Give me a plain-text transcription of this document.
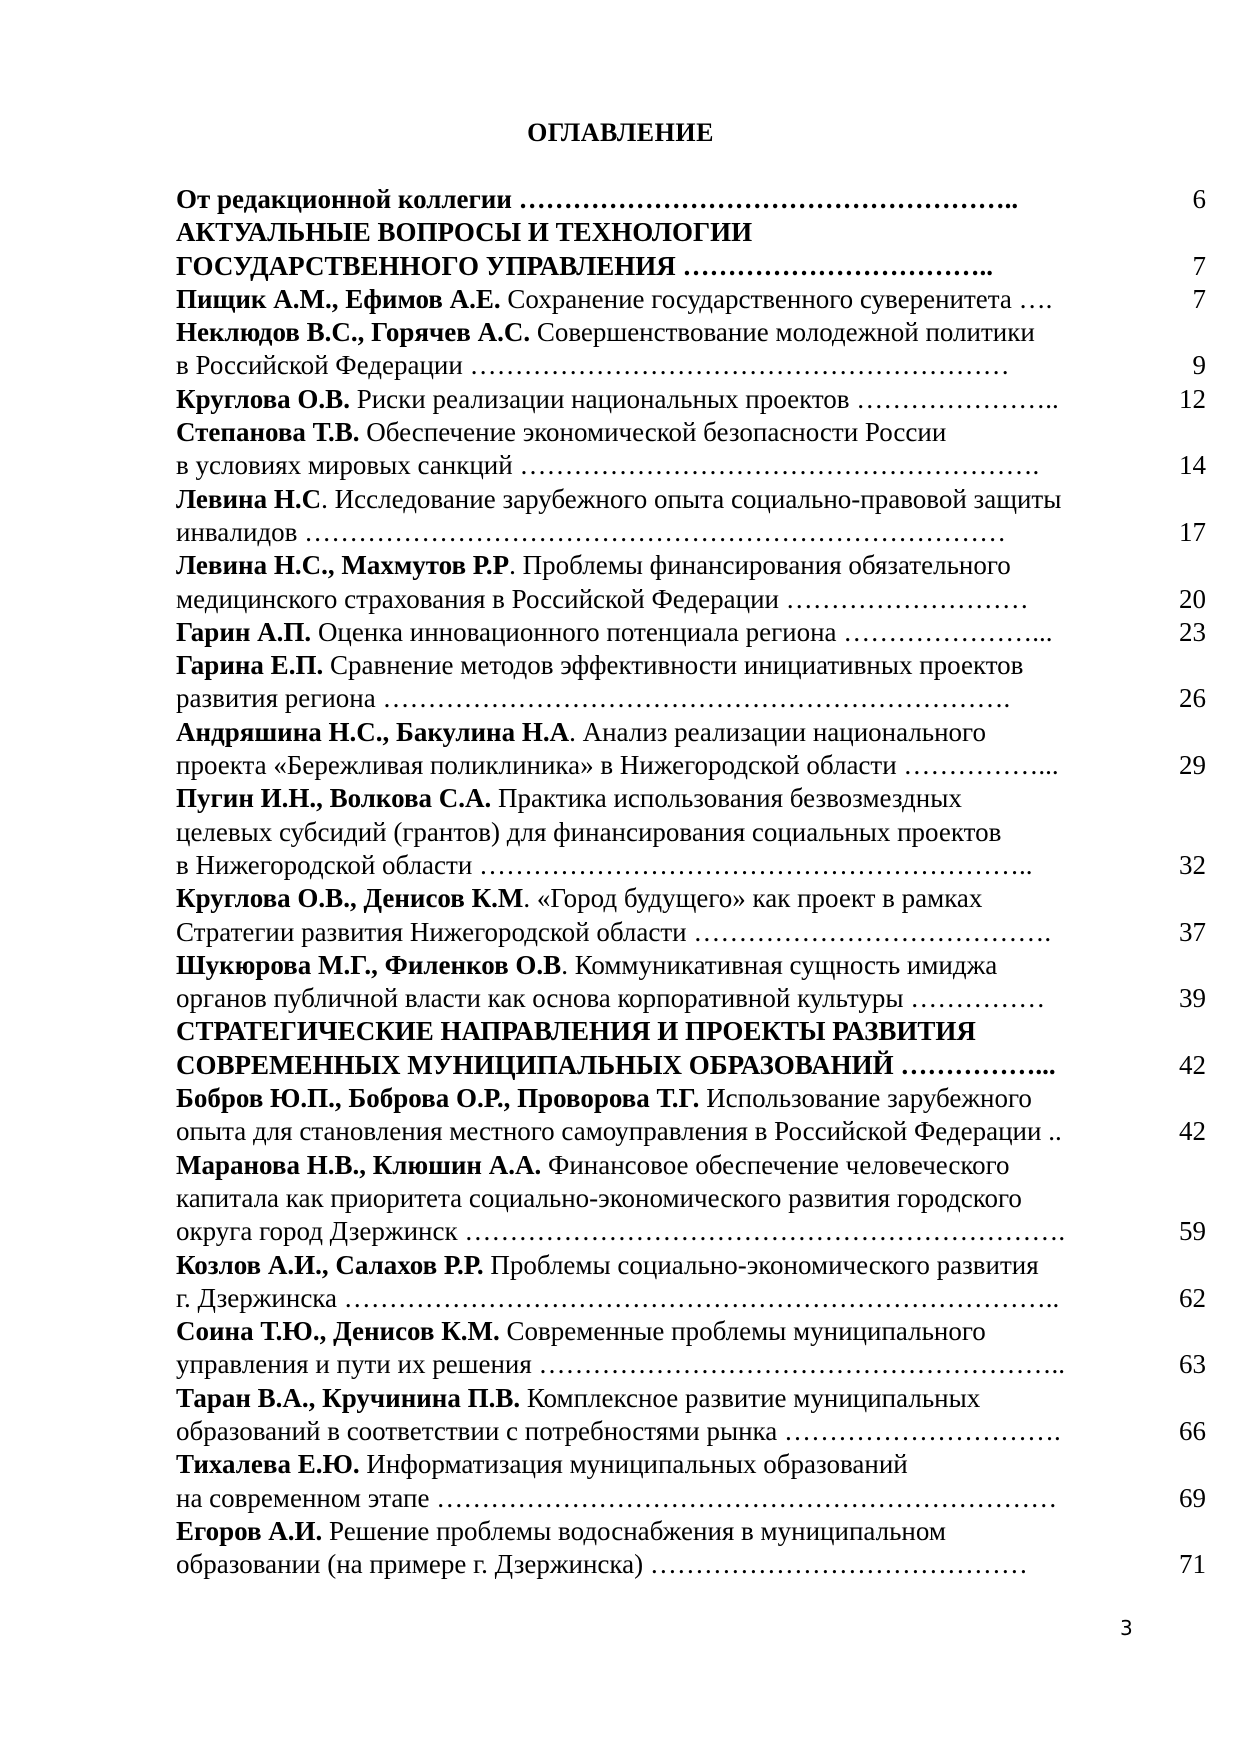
ОГЛАВЛЕНИЕ
От редакционной коллегии ………………………………………………..	6
АКТУАЛЬНЫЕ ВОПРОСЫ И ТЕХНОЛОГИИ
ГОСУДАРСТВЕННОГО УПРАВЛЕНИЯ ……………………………..	7
Пищик А.М., Ефимов А.Е. Сохранение государственного суверенитета ….	7
Неклюдов В.С., Горячев А.С. Совершенствование молодежной политики
в Российской Федерации ……………………………………………………	9
Круглова О.В. Риски реализации национальных проектов …………………..	12
Степанова Т.В. Обеспечение экономической безопасности России
в условиях мировых санкций ………………………………………………….	14
Левина Н.С. Исследование зарубежного опыта социально-правовой защиты
инвалидов ……………………………………………………………………	17
Левина Н.С., Махмутов Р.Р. Проблемы финансирования обязательного
медицинского страхования в Российской Федерации ………………………	20
Гарин А.П. Оценка инновационного потенциала региона …………………...	23
Гарина Е.П. Сравнение методов эффективности инициативных проектов
развития региона …………………………………………………………….	26
Андряшина Н.С., Бакулина Н.А. Анализ реализации национального
проекта «Бережливая поликлиника» в Нижегородской области ……………...	29
Пугин И.Н., Волкова С.А. Практика использования безвозмездных
целевых субсидий (грантов) для финансирования социальных проектов
в Нижегородской области ……………………………………………………..	32
Круглова О.В., Денисов К.М. «Город будущего» как проект в рамках
Стратегии развития Нижегородской области ………………………………….	37
Шукюрова М.Г., Филенков О.В. Коммуникативная сущность имиджа
органов публичной власти как основа корпоративной культуры ……………	39
СТРАТЕГИЧЕСКИЕ НАПРАВЛЕНИЯ И ПРОЕКТЫ РАЗВИТИЯ
СОВРЕМЕННЫХ МУНИЦИПАЛЬНЫХ ОБРАЗОВАНИЙ ……………...	42
Бобров Ю.П., Боброва О.Р., Проворова Т.Г. Использование зарубежного
опыта для становления местного самоуправления в Российской Федерации ..	42
Маранова Н.В., Клюшин А.А. Финансовое обеспечение человеческого
капитала как приоритета социально-экономического развития городского
округа город Дзержинск ………………………………………………………….	59
Козлов А.И., Салахов Р.Р. Проблемы социально-экономического развития
г. Дзержинска ……………………………………………………………………..	62
Соина Т.Ю., Денисов К.М. Современные проблемы муниципального
управления и пути их решения …………………………………………………..	63
Таран В.А., Кручинина П.В. Комплексное развитие муниципальных
образований в соответствии с потребностями рынка ………………………….	66
Тихалева Е.Ю. Информатизация муниципальных образований
на современном этапе ……………………………………………………………	69
Егоров А.И. Решение проблемы водоснабжения в муниципальном
образовании (на примере г. Дзержинска) ……………………………………	71
3
